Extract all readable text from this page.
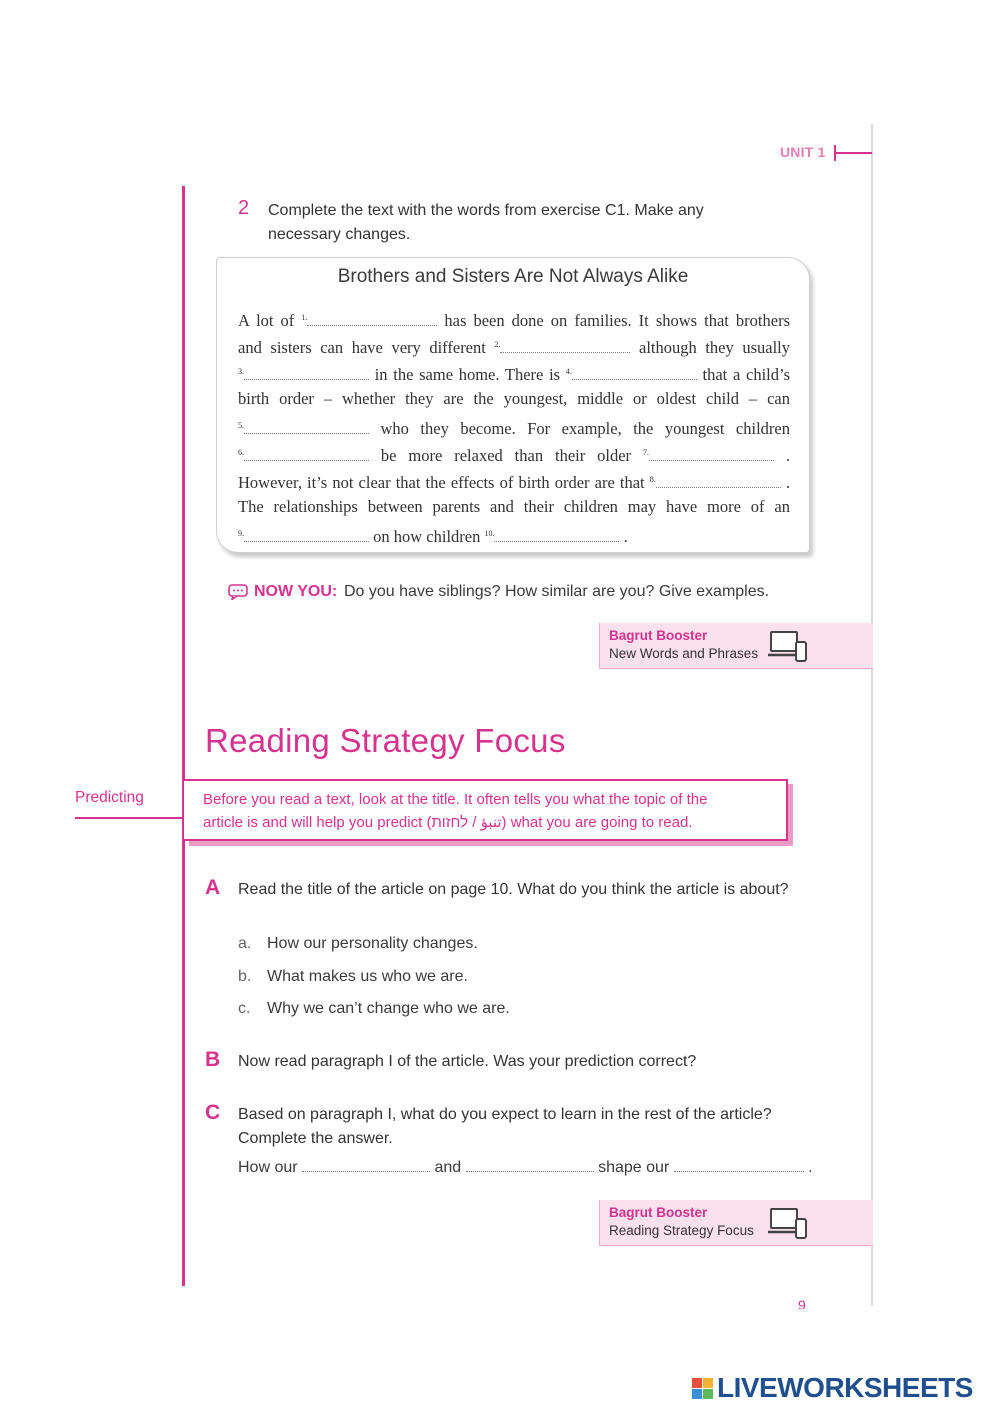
UNIT 1
2 Complete the text with the words from exercise C1. Make any necessary changes.
Brothers and Sisters Are Not Always Alike
A lot of $^{1.}$	has been done on families. It shows that brothers
and sisters can have very different $^{2.}$	although they usually
$^{3.}$	in the same home. There is $^{4.}$	that a child’s
birth order – whether they are the youngest, middle or oldest child – can
$^{5.}$	who they become. For example, the youngest children
$^{6.}$	be more relaxed than their older $^{7.}$	.
However, it’s not clear that the effects of birth order are that $^{8.}$	.
The relationships between parents and their children may have more of an
$^{9.}$	on how children $^{10.}$	.
NOW YOU: Do you have siblings? How similar are you? Give examples.
Bagrut Booster
New Words and Phrases
Reading Strategy Focus
Predicting	Before you read a text, look at the title. It often tells you what the topic of the
article is and will help you predict (تنبؤ / לחזות) what you are going to read.
A Read the title of the article on page 10. What do you think the article is about?
a. How our personality changes.
b. What makes us who we are.
c. Why we can’t change who we are.
B Now read paragraph I of the article. Was your prediction correct?
C Based on paragraph I, what do you expect to learn in the rest of the article? Complete the answer.
How our	and	shape our	.
Bagrut Booster
Reading Strategy Focus
9
LIVEWORKSHEETS
